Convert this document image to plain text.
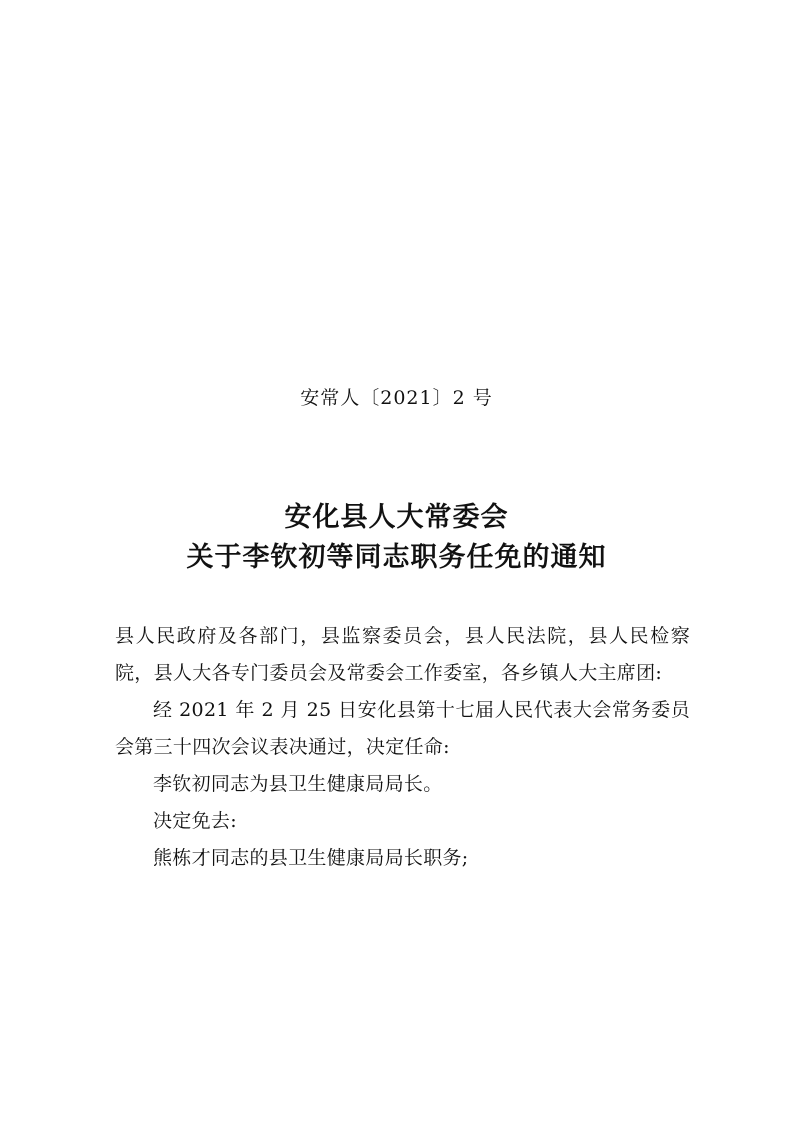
安常人〔2021〕2 号
安化县人大常委会
关于李钦初等同志职务任免的通知

县人民政府及各部门，县监察委员会，县人民法院，县人民检察院，县人大各专门委员会及常委会工作委室，各乡镇人大主席团:

经 2021 年 2 月 25 日安化县第十七届人民代表大会常务委员会第三十四次会议表决通过，决定任命:

李钦初同志为县卫生健康局局长。

决定免去:

熊栋才同志的县卫生健康局局长职务;
